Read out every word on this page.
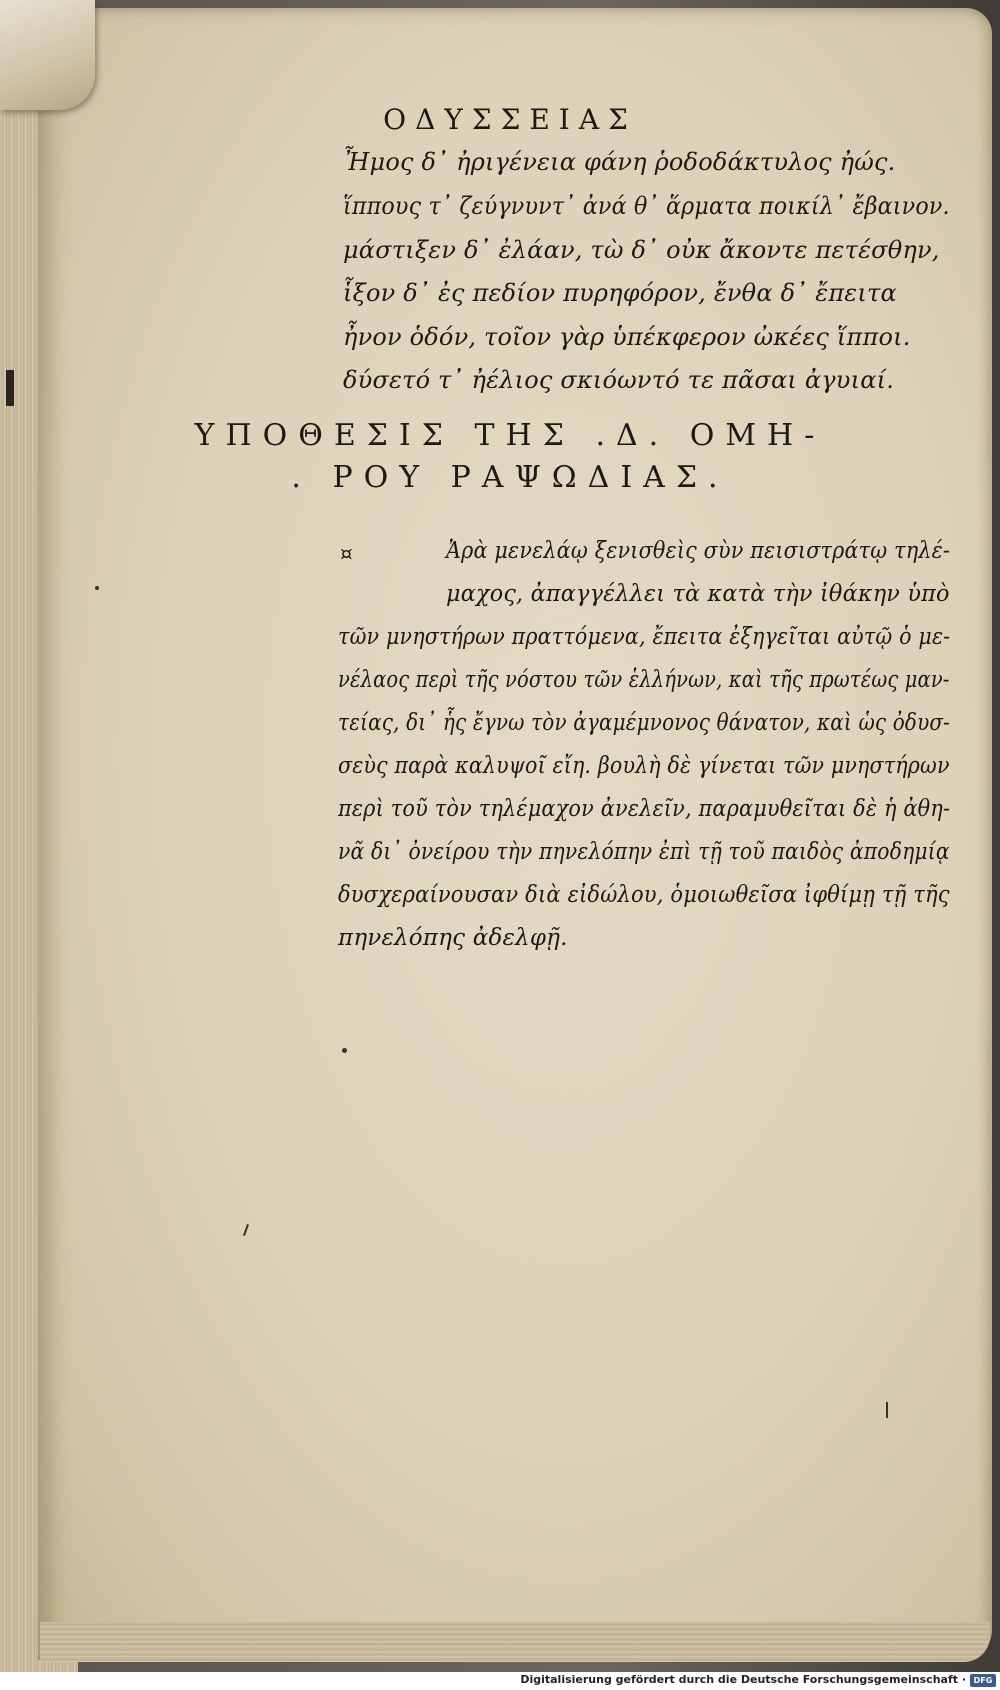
ΟΔΥΣΣΕΙΑΣ
Ἦμος δ᾽ ἠριγένεια φάνη ῥοδοδάκτυλος ἠώς.
ἵππους τ᾽ ζεύγνυντ᾽ ἀνά θ᾽ ἅρματα ποικίλ᾽ ἔβαινον.
μάστιξεν δ᾽ ἐλάαν, τὼ δ᾽ οὐκ ἄκοντε πετέσθην,
ἷξον δ᾽ ἐς πεδίον πυρηφόρον, ἔνθα δ᾽ ἔπειτα
ἦνον ὁδόν, τοῖον γὰρ ὑπέκφερον ὠκέες ἵπποι.
δύσετό τ᾽ ἠέλιος σκιόωντό τε πᾶσαι ἀγυιαί.
ΥΠΟΘΕΣΙΣ ΤΗΣ .Δ. ΟΜΗ-
. ΡΟΥ ΡΑΨΩΔΙΑΣ.
¤	Ἀρὰ μενελάῳ ξενισθεὶς σὺν πεισιστράτῳ τηλέ-
μαχος, ἀπαγγέλλει τὰ κατὰ τὴν ἰθάκην ὑπὸ
τῶν μνηστήρων πραττόμενα, ἔπειτα ἐξηγεῖται αὐτῷ ὁ με-
νέλαος περὶ τῆς νόστου τῶν ἑλλήνων, καὶ τῆς πρωτέως μαν-
τείας, δι᾽ ἧς ἔγνω τὸν ἀγαμέμνονος θάνατον, καὶ ὡς ὀδυσ-
σεὺς παρὰ καλυψοῖ εἴη. βουλὴ δὲ γίνεται τῶν μνηστήρων
περὶ τοῦ τὸν τηλέμαχον ἀνελεῖν, παραμυθεῖται δὲ ἡ ἀθη-
νᾶ δι᾽ ὀνείρου τὴν πηνελόπην ἐπὶ τῇ τοῦ παιδὸς ἀποδημίᾳ
δυσχεραίνουσαν διὰ εἰδώλου, ὁμοιωθεῖσα ἰφθίμῃ τῇ τῆς
πηνελόπης ἀδελφῇ.
Digitalisierung gefördert durch die Deutsche Forschungsgemeinschaft · DFG
